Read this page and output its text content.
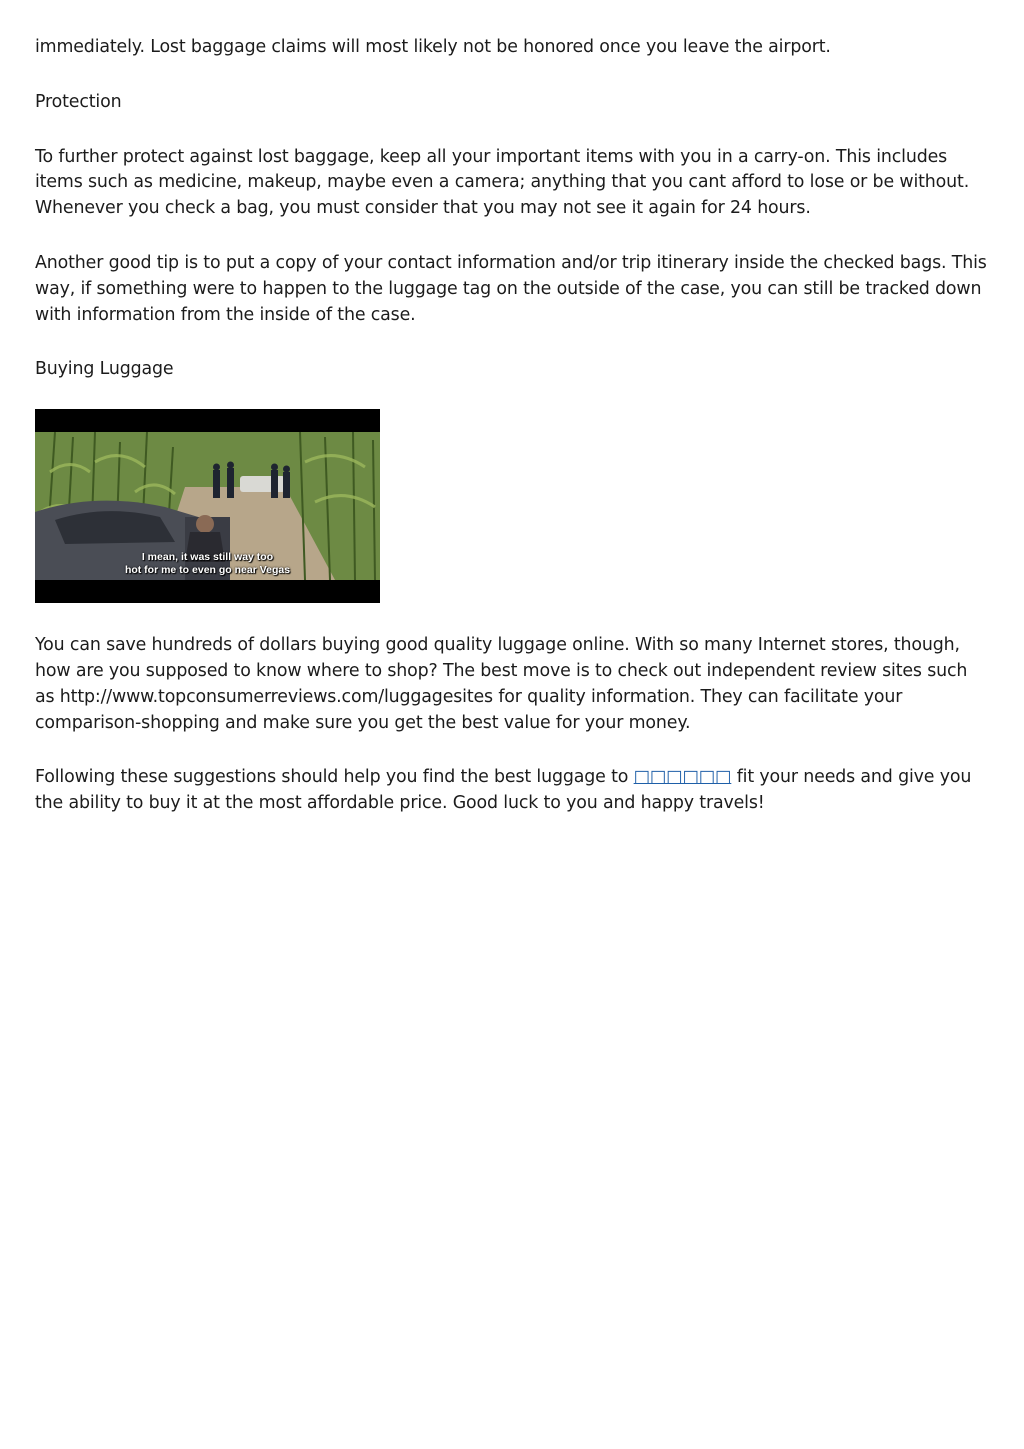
immediately. Lost baggage claims will most likely not be honored once you leave the airport.

Protection

To further protect against lost baggage, keep all your important items with you in a carry-on. This includes items such as medicine, makeup, maybe even a camera; anything that you cant afford to lose or be without. Whenever you check a bag, you must consider that you may not see it again for 24 hours.

Another good tip is to put a copy of your contact information and/or trip itinerary inside the checked bags. This way, if something were to happen to the luggage tag on the outside of the case, you can still be tracked down with information from the inside of the case.

Buying Luggage

I mean, it was still way too
hot for me to even go near Vegas

You can save hundreds of dollars buying good quality luggage online. With so many Internet stores, though, how are you supposed to know where to shop? The best move is to check out independent review sites such as http://www.topconsumerreviews.com/luggagesites for quality information. They can facilitate your comparison-shopping and make sure you get the best value for your money.

Following these suggestions should help you find the best luggage to □□□□□□ fit your needs and give you the ability to buy it at the most affordable price. Good luck to you and happy travels!
